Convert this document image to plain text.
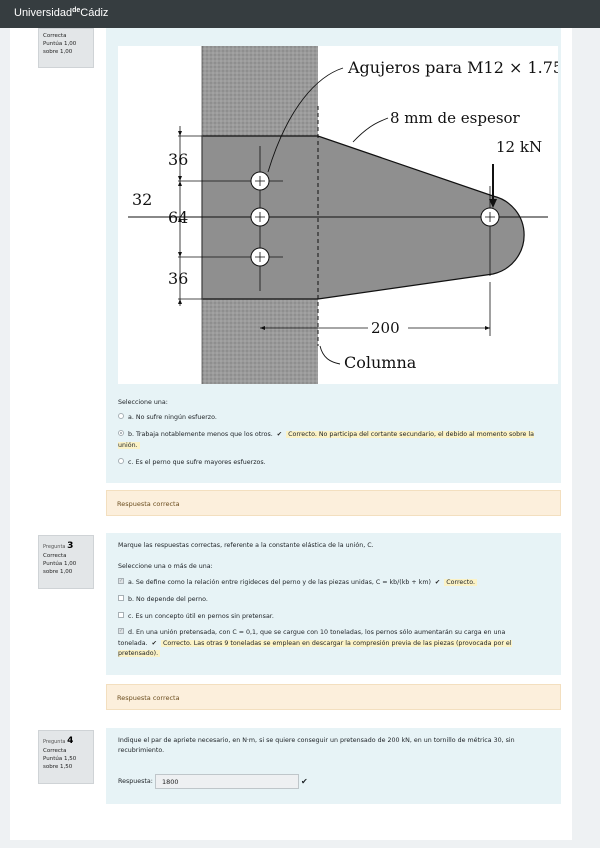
Universidad$^{de}$Cádiz
Correcta
Puntúa 1,00
sobre 1,00
Agujeros para M12 × 1.75
8 mm de espesor
12 kN
36
32
64
36
200
Columna
Seleccione una:
a. No sufre ningún esfuerzo.
b. Trabaja notablemente menos que los otros. ✔ Correcto. No participa del cortante secundario, el debido al momento sobre la unión.
c. Es el perno que sufre mayores esfuerzos.
Respuesta correcta
Pregunta 3
Correcta
Puntúa 1,00
sobre 1,00
Marque las respuestas correctas, referente a la constante elástica de la unión, C.
Seleccione una o más de una:
✓ a. Se define como la relación entre rigideces del perno y de las piezas unidas, C = kb/(kb + km) ✔ Correcto.
b. No depende del perno.
c. Es un concepto útil en pernos sin pretensar.
✓ d. En una unión pretensada, con C = 0,1, que se cargue con 10 toneladas, los pernos sólo aumentarán su carga en una
tonelada. ✔ Correcto. Las otras 9 toneladas se emplean en descargar la compresión previa de las piezas (provocada por el pretensado).
Respuesta correcta
Pregunta 4
Correcta
Puntúa 1,50
sobre 1,50
Indique el par de apriete necesario, en N·m, si se quiere conseguir un pretensado de 200 kN, en un tornillo de métrica 30, sin recubrimiento.
Respuesta:	1800	✔
